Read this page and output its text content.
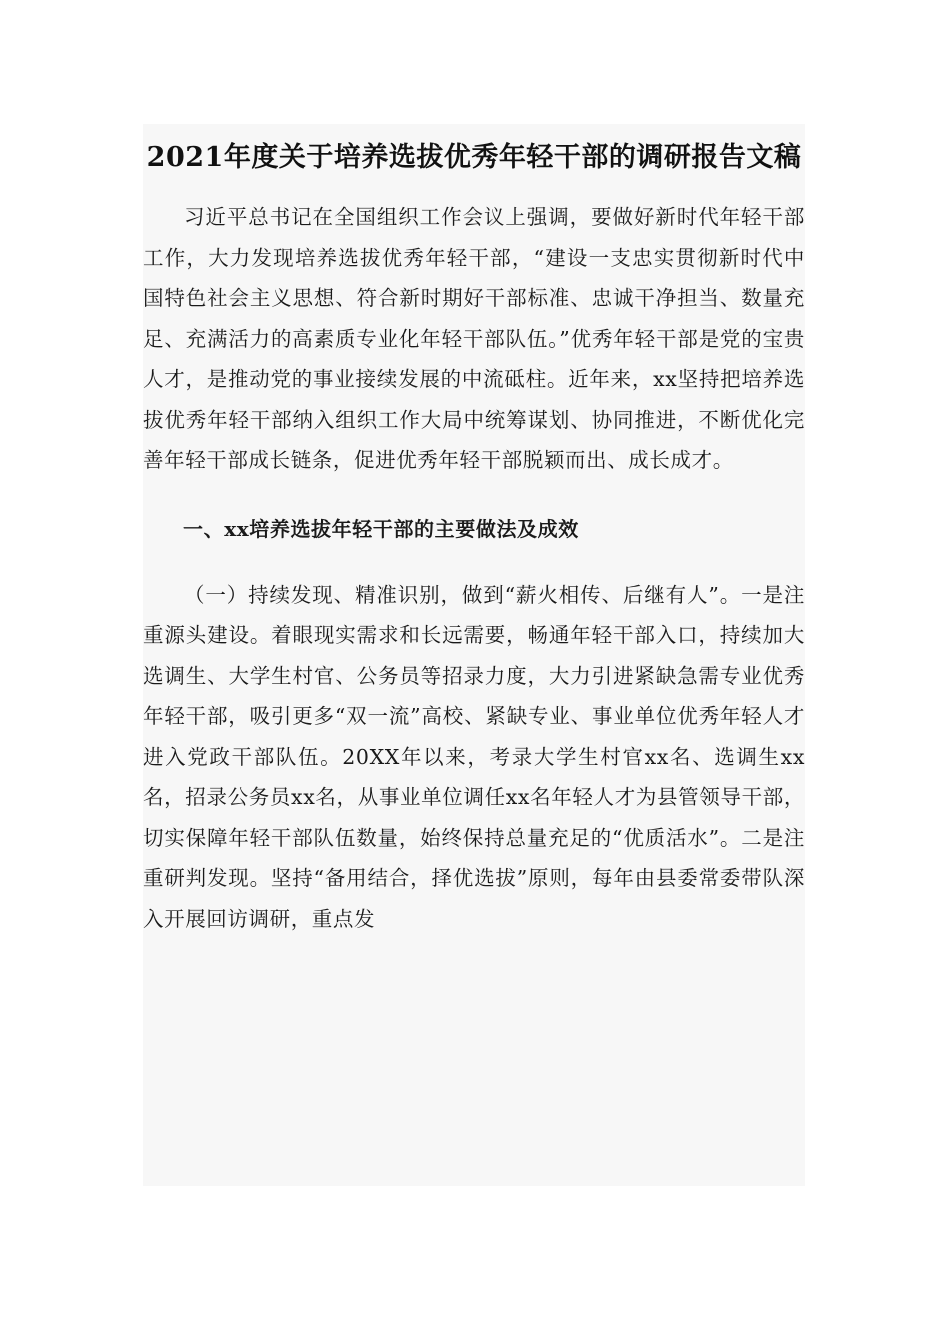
2021年度关于培养选拔优秀年轻干部的调研报告文稿

习近平总书记在全国组织工作会议上强调，要做好新时代年轻干部工作，大力发现培养选拔优秀年轻干部，“建设一支忠实贯彻新时代中国特色社会主义思想、符合新时期好干部标准、忠诚干净担当、数量充足、充满活力的高素质专业化年轻干部队伍。”优秀年轻干部是党的宝贵人才，是推动党的事业接续发展的中流砥柱。近年来，xx坚持把培养选拔优秀年轻干部纳入组织工作大局中统筹谋划、协同推进，不断优化完善年轻干部成长链条，促进优秀年轻干部脱颖而出、成长成才。

一、xx培养选拔年轻干部的主要做法及成效

（一）持续发现、精准识别，做到“薪火相传、后继有人”。一是注重源头建设。着眼现实需求和长远需要，畅通年轻干部入口，持续加大选调生、大学生村官、公务员等招录力度，大力引进紧缺急需专业优秀年轻干部，吸引更多“双一流”高校、紧缺专业、事业单位优秀年轻人才进入党政干部队伍。20XX年以来，考录大学生村官xx名、选调生xx名，招录公务员xx名，从事业单位调任xx名年轻人才为县管领导干部，切实保障年轻干部队伍数量，始终保持总量充足的“优质活水”。二是注重研判发现。坚持“备用结合，择优选拔”原则，每年由县委常委带队深入开展回访调研，重点发
